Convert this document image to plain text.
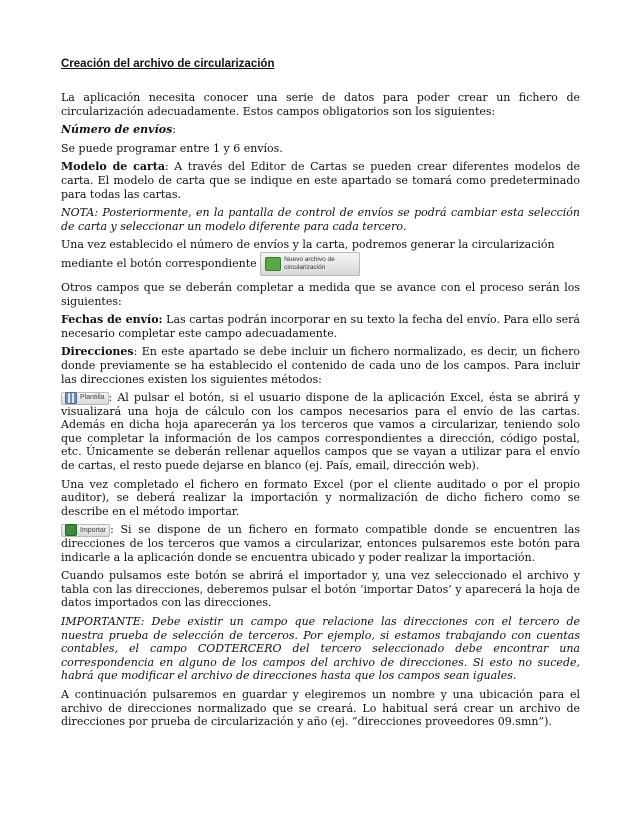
Creación del archivo de circularización

La aplicación necesita conocer una serie de datos para poder crear un fichero de circularización adecuadamente. Estos campos obligatorios son los siguientes:

Número de envíos:

Se puede programar entre 1 y 6 envíos.

Modelo de carta: A través del Editor de Cartas se pueden crear diferentes modelos de carta. El modelo de carta que se indique en este apartado se tomará como predeterminado para todas las cartas.

NOTA: Posteriormente, en la pantalla de control de envíos se podrá cambiar esta selección de carta y seleccionar un modelo diferente para cada tercero.

Una vez establecido el número de envíos y la carta, podremos generar la circularización
mediante el botón correspondiente	Nuevo archivo de
circularización

Otros campos que se deberán completar a medida que se avance con el proceso serán los siguientes:

Fechas de envío: Las cartas podrán incorporar en su texto la fecha del envío. Para ello será necesario completar este campo adecuadamente.

Direcciones: En este apartado se debe incluir un fichero normalizado, es decir, un fichero donde previamente se ha establecido el contenido de cada uno de los campos. Para incluir las direcciones existen los siguientes métodos:

Plantilla : Al pulsar el botón, si el usuario dispone de la aplicación Excel, ésta se abrirá y visualizará una hoja de cálculo con los campos necesarios para el envío de las cartas. Además en dicha hoja aparecerán ya los terceros que vamos a circularizar, teniendo solo que completar la información de los campos correspondientes a dirección, código postal, etc. Únicamente se deberán rellenar aquellos campos que se vayan a utilizar para el envío de cartas, el resto puede dejarse en blanco (ej. País, email, dirección web).

Una vez completado el fichero en formato Excel (por el cliente auditado o por el propio auditor), se deberá realizar la importación y normalización de dicho fichero como se describe en el método importar.

Importar : Si se dispone de un fichero en formato compatible donde se encuentren las direcciones de los terceros que vamos a circularizar, entonces pulsaremos este botón para indicarle a la aplicación donde se encuentra ubicado y poder realizar la importación.

Cuando pulsamos este botón se abrirá el importador y, una vez seleccionado el archivo y tabla con las direcciones, deberemos pulsar el botón ‘importar Datos’ y aparecerá la hoja de datos importados con las direcciones.

IMPORTANTE: Debe existir un campo que relacione las direcciones con el tercero de nuestra prueba de selección de terceros. Por ejemplo, si estamos trabajando con cuentas contables, el campo CODTERCERO del tercero seleccionado debe encontrar una correspondencia en alguno de los campos del archivo de direcciones. Si esto no sucede, habrá que modificar el archivo de direcciones hasta que los campos sean iguales.

A continuación pulsaremos en guardar y elegiremos un nombre y una ubicación para el archivo de direcciones normalizado que se creará. Lo habitual será crear un archivo de direcciones por prueba de circularización y año (ej. “direcciones proveedores 09.smn”).
